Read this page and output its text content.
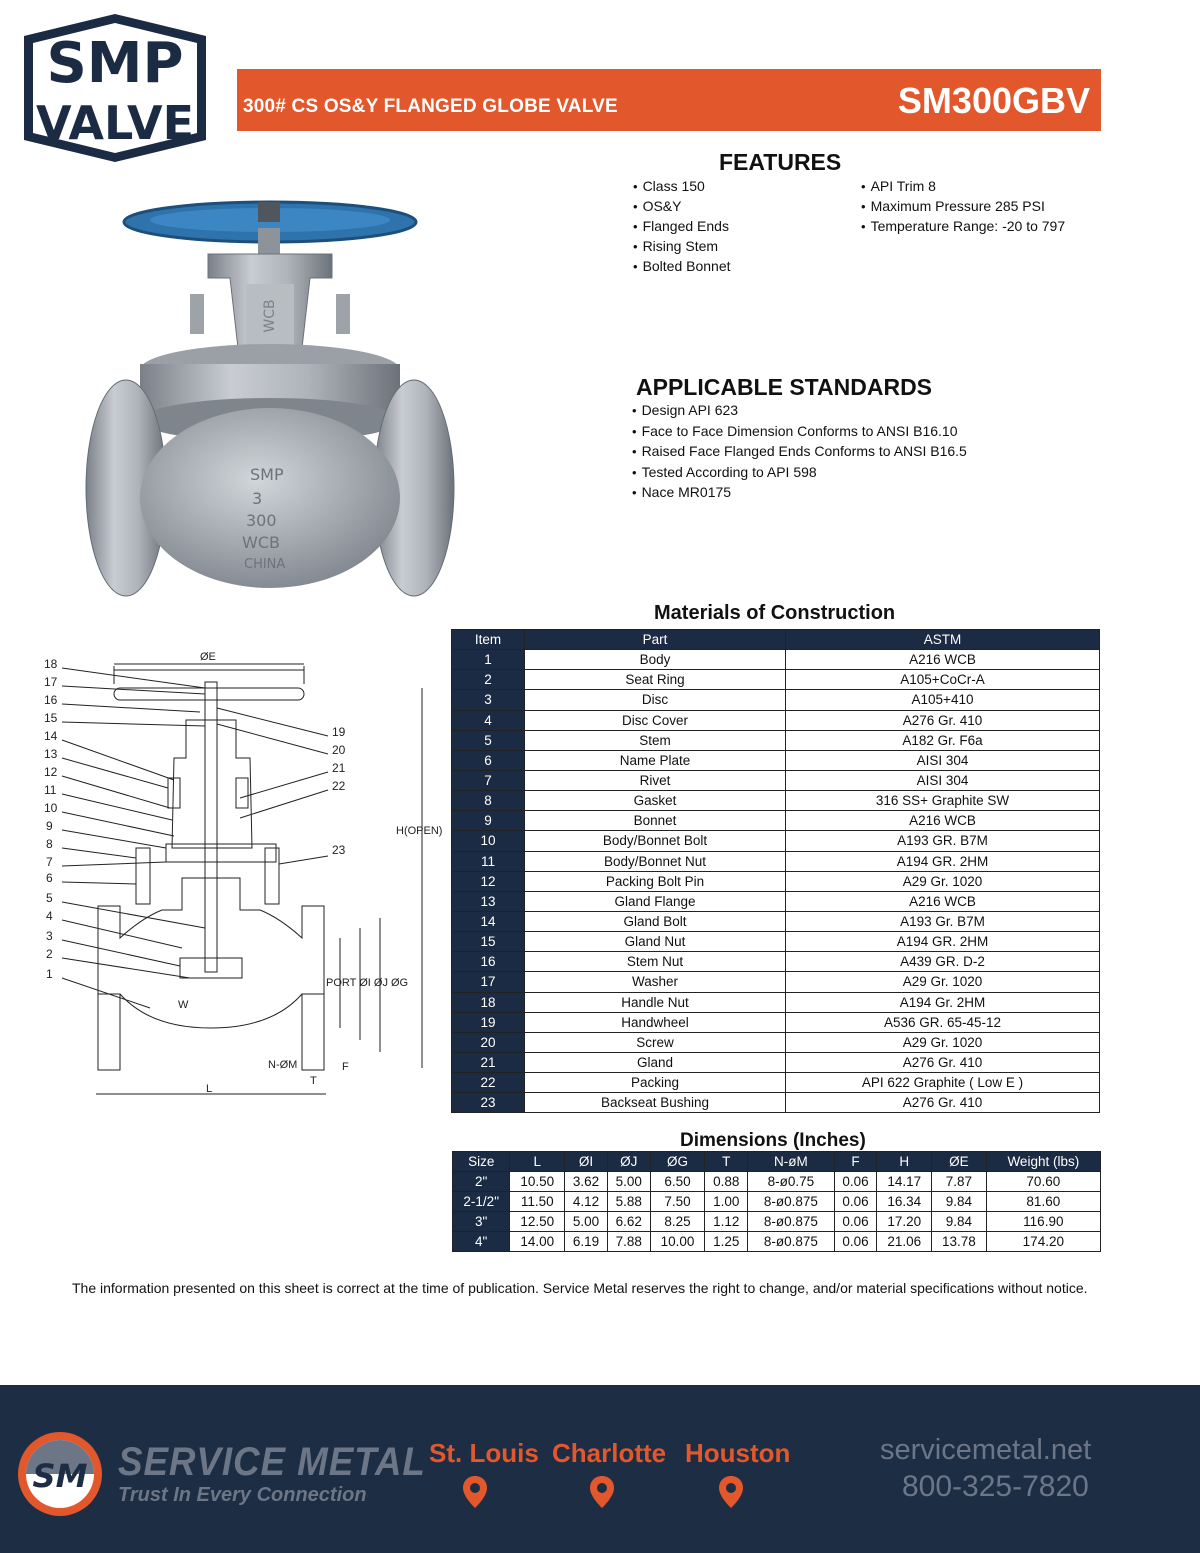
SMP
VALVE	300# CS OS&Y FLANGED GLOBE VALVE	SM300GBV
FEATURES
• Class 150
• OS&Y
• Flanged Ends
• Rising Stem
• Bolted Bonnet
• API Trim 8
• Maximum Pressure 285 PSI
• Temperature Range: -20 to 797
APPLICABLE STANDARDS
• Design API 623
• Face to Face Dimension Conforms to ANSI B16.10
• Raised Face Flanged Ends Conforms to ANSI B16.5
• Tested According to API 598
• Nace MR0175
WCB
SMP
3
300
WCB
CHINA
18
17
16
15
14
13
12
11
10
9
8
7
6
5
4
3
2
1
19
20
21
22
23
ØE
H(OPEN)
PORT ØI ØJ ØG
W
L
N-ØM
T
F
Materials of Construction
Item	Part	ASTM
1	Body	A216 WCB
2	Seat Ring	A105+CoCr-A
3	Disc	A105+410
4	Disc Cover	A276 Gr. 410
5	Stem	A182 Gr. F6a
6	Name Plate	AISI 304
7	Rivet	AISI 304
8	Gasket	316 SS+ Graphite SW
9	Bonnet	A216 WCB
10	Body/Bonnet Bolt	A193 GR. B7M
11	Body/Bonnet Nut	A194 GR. 2HM
12	Packing Bolt Pin	A29 Gr. 1020
13	Gland Flange	A216 WCB
14	Gland Bolt	A193 Gr. B7M
15	Gland Nut	A194 GR. 2HM
16	Stem Nut	A439 GR. D-2
17	Washer	A29 Gr. 1020
18	Handle Nut	A194 Gr. 2HM
19	Handwheel	A536 GR. 65-45-12
20	Screw	A29 Gr. 1020
21	Gland	A276 Gr. 410
22	Packing	API 622 Graphite ( Low E )
23	Backseat Bushing	A276 Gr. 410
Dimensions (Inches)
Size	L	ØI	ØJ	ØG	T	N-øM	F	H	ØE	Weight (lbs)
2"	10.50	3.62	5.00	6.50	0.88	8-ø0.75	0.06	14.17	7.87	70.60
2-1/2"	11.50	4.12	5.88	7.50	1.00	8-ø0.875	0.06	16.34	9.84	81.60
3"	12.50	5.00	6.62	8.25	1.12	8-ø0.875	0.06	17.20	9.84	116.90
4"	14.00	6.19	7.88	10.00	1.25	8-ø0.875	0.06	21.06	13.78	174.20
The information presented on this sheet is correct at the time of publication. Service Metal reserves the right to change, and/or material specifications without notice.
SM SERVICE METAL
Trust In Every Connection
St. Louis Charlotte Houston	servicemetal.net
800-325-7820
